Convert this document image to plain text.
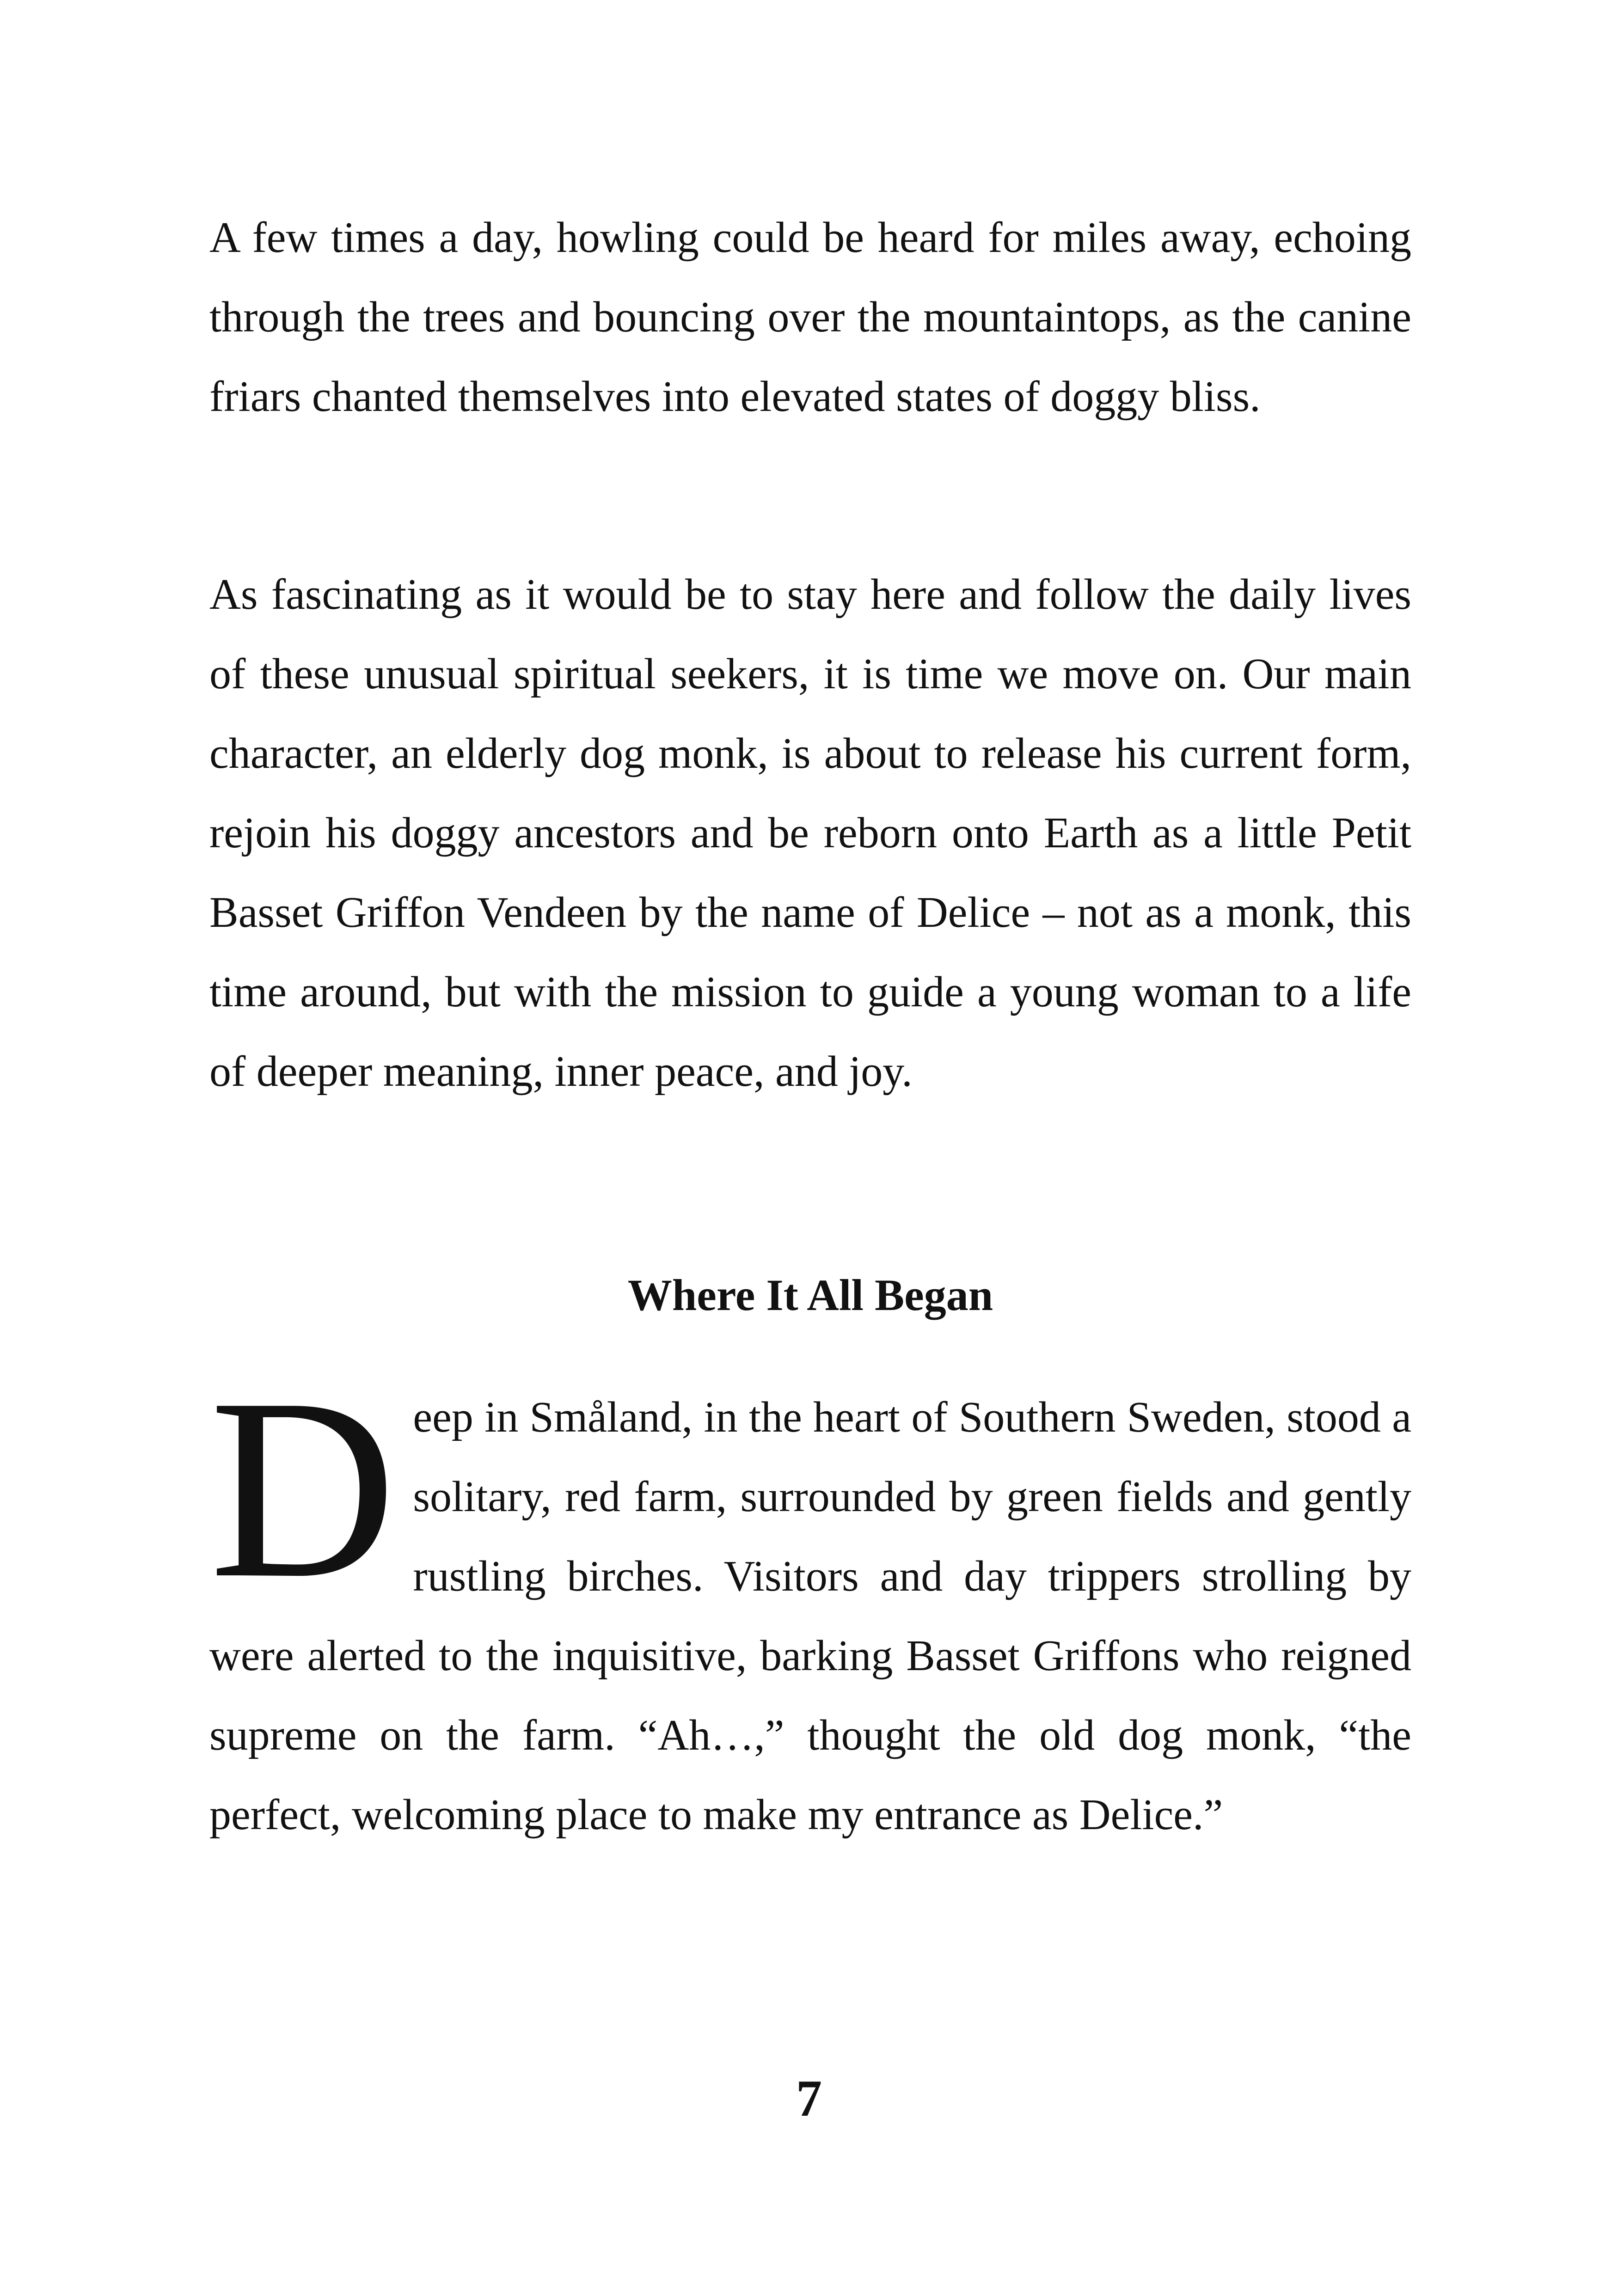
A few times a day, howling could be heard for miles away, echoing through the trees and bouncing over the mountaintops, as the canine friars chanted themselves into elevated states of doggy bliss.

As fascinating as it would be to stay here and follow the daily lives of these unusual spiritual seekers, it is time we move on. Our main character, an elderly dog monk, is about to release his current form, rejoin his doggy ancestors and be reborn onto Earth as a little Petit Basset Griffon Vendeen by the name of Delice – not as a monk, this time around, but with the mission to guide a young woman to a life of deeper meaning, inner peace, and joy.

Where It All Began

Deep in Småland, in the heart of Southern Sweden, stood a solitary, red farm, surrounded by green fields and gently rustling birches. Visitors and day trippers strolling by were alerted to the inquisitive, barking Basset Griffons who reigned supreme on the farm. “Ah…,” thought the old dog monk, “the perfect, welcoming place to make my entrance as Delice.”

7
